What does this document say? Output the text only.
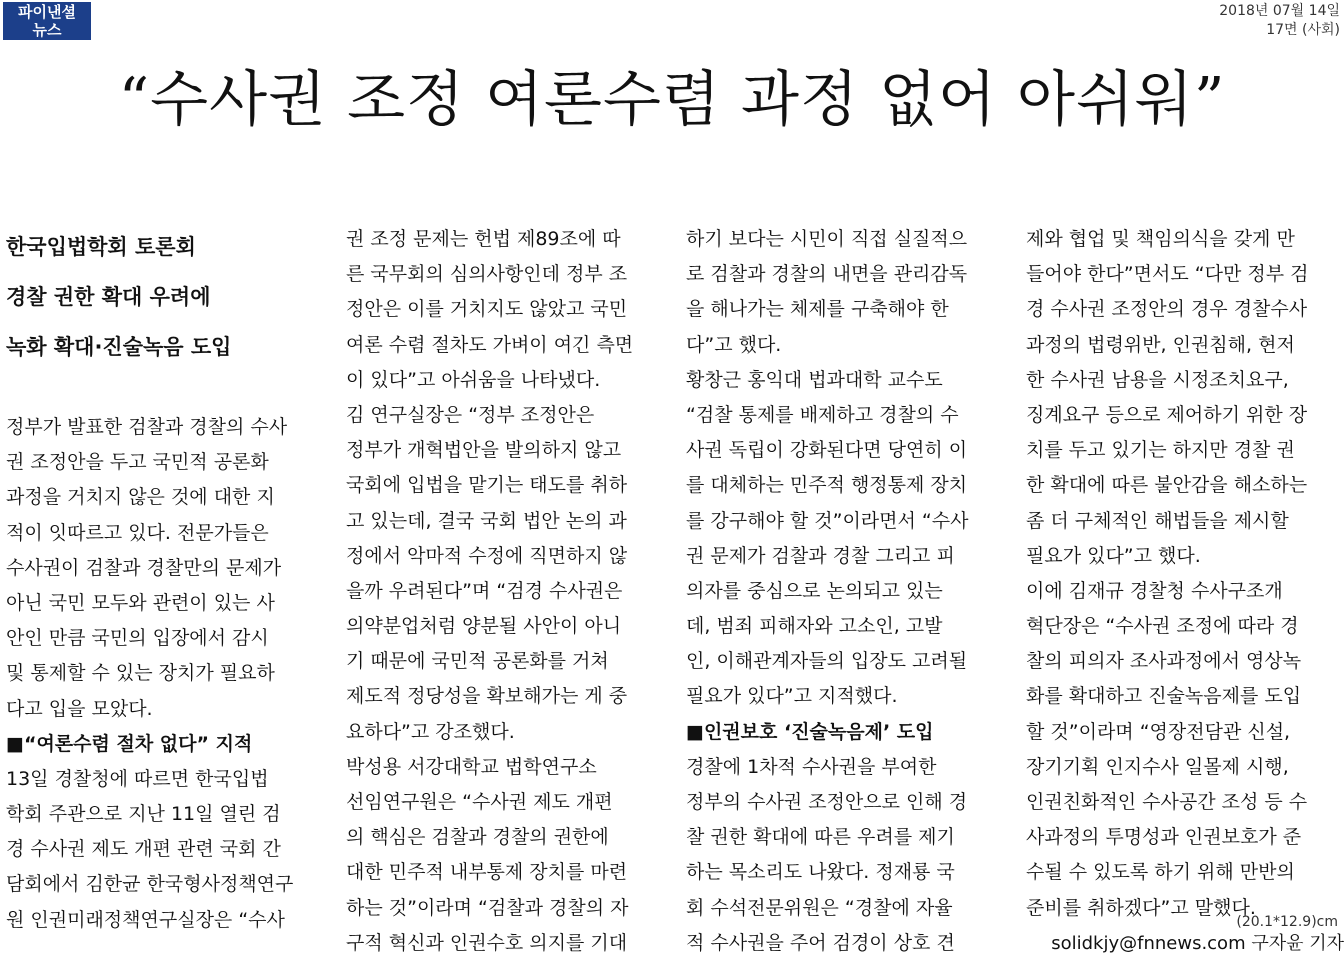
파이낸셜
뉴스
2018년 07월 14일
17면 (사회)
“수사권 조정 여론수렴 과정 없어 아쉬워”
한국입법학회 토론회
경찰 권한 확대 우려에
녹화 확대·진술녹음 도입
정부가 발표한 검찰과 경찰의 수사
권 조정안을 두고 국민적 공론화
과정을 거치지 않은 것에 대한 지
적이 잇따르고 있다. 전문가들은
수사권이 검찰과 경찰만의 문제가
아닌 국민 모두와 관련이 있는 사
안인 만큼 국민의 입장에서 감시
및 통제할 수 있는 장치가 필요하
다고 입을 모았다.
■“여론수렴 절차 없다” 지적
13일 경찰청에 따르면 한국입법
학회 주관으로 지난 11일 열린 검
경 수사권 제도 개편 관련 국회 간
담회에서 김한균 한국형사정책연구
원 인권미래정책연구실장은 “수사
권 조정 문제는 헌법 제89조에 따
른 국무회의 심의사항인데 정부 조
정안은 이를 거치지도 않았고 국민
여론 수렴 절차도 가벼이 여긴 측면
이 있다”고 아쉬움을 나타냈다.
김 연구실장은 “정부 조정안은
정부가 개혁법안을 발의하지 않고
국회에 입법을 맡기는 태도를 취하
고 있는데, 결국 국회 법안 논의 과
정에서 악마적 수정에 직면하지 않
을까 우려된다”며 “검경 수사권은
의약분업처럼 양분될 사안이 아니
기 때문에 국민적 공론화를 거쳐
제도적 정당성을 확보해가는 게 중
요하다”고 강조했다.
박성용 서강대학교 법학연구소
선임연구원은 “수사권 제도 개편
의 핵심은 검찰과 경찰의 권한에
대한 민주적 내부통제 장치를 마련
하는 것”이라며 “검찰과 경찰의 자
구적 혁신과 인권수호 의지를 기대
하기 보다는 시민이 직접 실질적으
로 검찰과 경찰의 내면을 관리감독
을 해나가는 체제를 구축해야 한
다”고 했다.
황창근 홍익대 법과대학 교수도
“검찰 통제를 배제하고 경찰의 수
사권 독립이 강화된다면 당연히 이
를 대체하는 민주적 행정통제 장치
를 강구해야 할 것”이라면서 “수사
권 문제가 검찰과 경찰 그리고 피
의자를 중심으로 논의되고 있는
데, 범죄 피해자와 고소인, 고발
인, 이해관계자들의 입장도 고려될
필요가 있다”고 지적했다.
■인권보호 ‘진술녹음제’ 도입
경찰에 1차적 수사권을 부여한
정부의 수사권 조정안으로 인해 경
찰 권한 확대에 따른 우려를 제기
하는 목소리도 나왔다. 정재룡 국
회 수석전문위원은 “경찰에 자율
적 수사권을 주어 검경이 상호 견
제와 협업 및 책임의식을 갖게 만
들어야 한다”면서도 “다만 정부 검
경 수사권 조정안의 경우 경찰수사
과정의 법령위반, 인권침해, 현저
한 수사권 남용을 시정조치요구,
징계요구 등으로 제어하기 위한 장
치를 두고 있기는 하지만 경찰 권
한 확대에 따른 불안감을 해소하는
좀 더 구체적인 해법들을 제시할
필요가 있다”고 했다.
이에 김재규 경찰청 수사구조개
혁단장은 “수사권 조정에 따라 경
찰의 피의자 조사과정에서 영상녹
화를 확대하고 진술녹음제를 도입
할 것”이라며 “영장전담관 신설,
장기기획 인지수사 일몰제 시행,
인권친화적인 수사공간 조성 등 수
사과정의 투명성과 인권보호가 준
수될 수 있도록 하기 위해 만반의
준비를 취하겠다”고 말했다.
solidkjy@fnnews.com 구자윤 기자
(20.1*12.9)cm
